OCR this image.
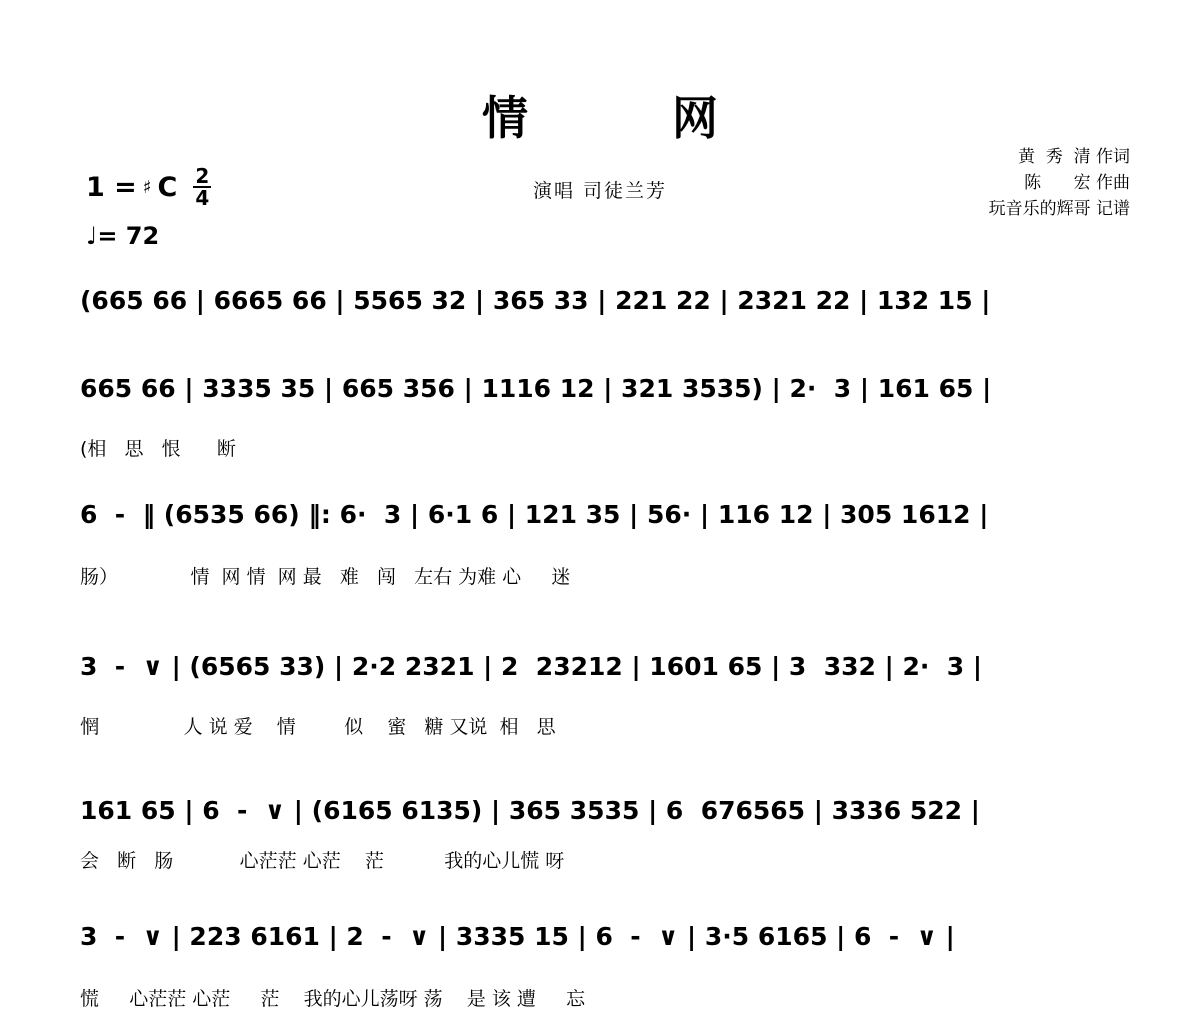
情 网
演唱 司徒兰芳
黄  秀  清 作词
陈      宏 作曲
玩音乐的辉哥 记谱
1 = ♯ C $\frac{2}{4}$
♩= 72
(665 66 | 6665 66 | 5565 32 | 365 33 | 221 22 | 2321 22 | 132 15 |
665 66 | 3335 35 | 665 356 | 1116 12 | 321 3535) | 2·  3 | 161 65 |
(相   思   恨      断
6  -  ‖ (6535 66) ‖: 6·  3 | 6·1 6 | 121 35 | 56· | 116 12 | 305 1612 |
肠）            情  网 情  网 最   难   闯   左右 为难 心     迷
3  -  ∨ | (6565 33) | 2·2 2321 | 2  23212 | 1601 65 | 3  332 | 2·  3 |
惘              人 说 爱    情        似    蜜   糖 又说  相   思
161 65 | 6  -  ∨ | (6165 6135) | 365 3535 | 6  676565 | 3336 522 |
会   断   肠           心茫茫 心茫    茫          我的心儿慌 呀
3  -  ∨ | 223 6161 | 2  -  ∨ | 3335 15 | 6  -  ∨ | 3·5 6165 | 6  -  ∨ |
慌     心茫茫 心茫     茫    我的心儿荡呀 荡    是 该 遭     忘
